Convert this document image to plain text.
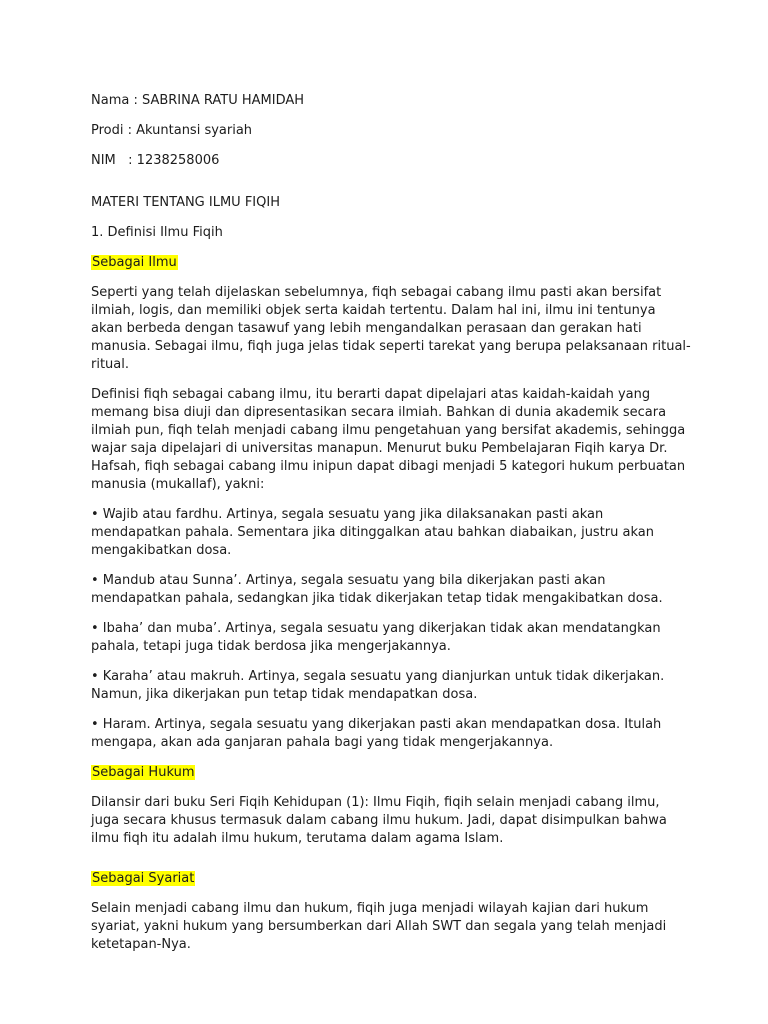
Nama : SABRINA RATU HAMIDAH

Prodi : Akuntansi syariah

NIM   : 1238258006

MATERI TENTANG ILMU FIQIH

1. Definisi Ilmu Fiqih

Sebagai Ilmu

Seperti yang telah dijelaskan sebelumnya, fiqh sebagai cabang ilmu pasti akan bersifat ilmiah, logis, dan memiliki objek serta kaidah tertentu. Dalam hal ini, ilmu ini tentunya akan berbeda dengan tasawuf yang lebih mengandalkan perasaan dan gerakan hati manusia. Sebagai ilmu, fiqh juga jelas tidak seperti tarekat yang berupa pelaksanaan ritual-ritual.

Definisi fiqh sebagai cabang ilmu, itu berarti dapat dipelajari atas kaidah-kaidah yang memang bisa diuji dan dipresentasikan secara ilmiah. Bahkan di dunia akademik secara ilmiah pun, fiqh telah menjadi cabang ilmu pengetahuan yang bersifat akademis, sehingga wajar saja dipelajari di universitas manapun. Menurut buku Pembelajaran Fiqih karya Dr. Hafsah, fiqh sebagai cabang ilmu inipun dapat dibagi menjadi 5 kategori hukum perbuatan manusia (mukallaf), yakni:

• Wajib atau fardhu. Artinya, segala sesuatu yang jika dilaksanakan pasti akan mendapatkan pahala. Sementara jika ditinggalkan atau bahkan diabaikan, justru akan mengakibatkan dosa.

• Mandub atau Sunna’. Artinya, segala sesuatu yang bila dikerjakan pasti akan mendapatkan pahala, sedangkan jika tidak dikerjakan tetap tidak mengakibatkan dosa.

• Ibaha’ dan muba’. Artinya, segala sesuatu yang dikerjakan tidak akan mendatangkan pahala, tetapi juga tidak berdosa jika mengerjakannya.

• Karaha’ atau makruh. Artinya, segala sesuatu yang dianjurkan untuk tidak dikerjakan. Namun, jika dikerjakan pun tetap tidak mendapatkan dosa.

• Haram. Artinya, segala sesuatu yang dikerjakan pasti akan mendapatkan dosa. Itulah mengapa, akan ada ganjaran pahala bagi yang tidak mengerjakannya.

Sebagai Hukum

Dilansir dari buku Seri Fiqih Kehidupan (1): Ilmu Fiqih, fiqih selain menjadi cabang ilmu, juga secara khusus termasuk dalam cabang ilmu hukum. Jadi, dapat disimpulkan bahwa ilmu fiqh itu adalah ilmu hukum, terutama dalam agama Islam.

Sebagai Syariat

Selain menjadi cabang ilmu dan hukum, fiqih juga menjadi wilayah kajian dari hukum syariat, yakni hukum yang bersumberkan dari Allah SWT dan segala yang telah menjadi ketetapan-Nya.
